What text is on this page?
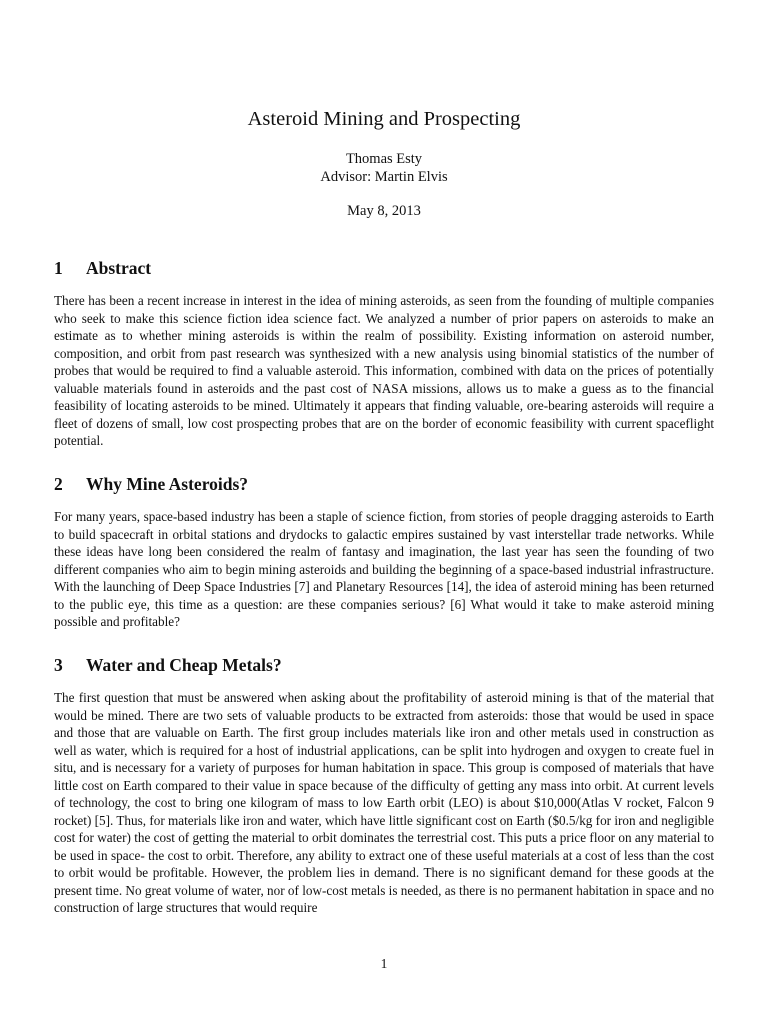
Asteroid Mining and Prospecting
Thomas Esty
Advisor: Martin Elvis
May 8, 2013
1 Abstract

There has been a recent increase in interest in the idea of mining asteroids, as seen from the founding of multiple companies who seek to make this science fiction idea science fact. We analyzed a number of prior papers on asteroids to make an estimate as to whether mining asteroids is within the realm of possibility. Existing information on asteroid number, composition, and orbit from past research was synthesized with a new analysis using binomial statistics of the number of probes that would be required to find a valuable asteroid. This information, combined with data on the prices of potentially valuable materials found in asteroids and the past cost of NASA missions, allows us to make a guess as to the financial feasibility of locating asteroids to be mined. Ultimately it appears that finding valuable, ore-bearing asteroids will require a fleet of dozens of small, low cost prospecting probes that are on the border of economic feasibility with current spaceflight potential.

2 Why Mine Asteroids?

For many years, space-based industry has been a staple of science fiction, from stories of people dragging asteroids to Earth to build spacecraft in orbital stations and drydocks to galactic empires sustained by vast interstellar trade networks. While these ideas have long been considered the realm of fantasy and imagination, the last year has seen the founding of two different companies who aim to begin mining asteroids and building the beginning of a space-based industrial infrastructure. With the launching of Deep Space Industries [7] and Planetary Resources [14], the idea of asteroid mining has been returned to the public eye, this time as a question: are these companies serious? [6] What would it take to make asteroid mining possible and profitable?

3 Water and Cheap Metals?

The first question that must be answered when asking about the profitability of asteroid mining is that of the material that would be mined. There are two sets of valuable products to be extracted from asteroids: those that would be used in space and those that are valuable on Earth. The first group includes materials like iron and other metals used in construction as well as water, which is required for a host of industrial applications, can be split into hydrogen and oxygen to create fuel in situ, and is necessary for a variety of purposes for human habitation in space. This group is composed of materials that have little cost on Earth compared to their value in space because of the difficulty of getting any mass into orbit. At current levels of technology, the cost to bring one kilogram of mass to low Earth orbit (LEO) is about $10,000(Atlas V rocket, Falcon 9 rocket) [5]. Thus, for materials like iron and water, which have little significant cost on Earth ($0.5/kg for iron and negligible cost for water) the cost of getting the material to orbit dominates the terrestrial cost. This puts a price floor on any material to be used in space- the cost to orbit. Therefore, any ability to extract one of these useful materials at a cost of less than the cost to orbit would be profitable. However, the problem lies in demand. There is no significant demand for these goods at the present time. No great volume of water, nor of low-cost metals is needed, as there is no permanent habitation in space and no construction of large structures that would require

1
